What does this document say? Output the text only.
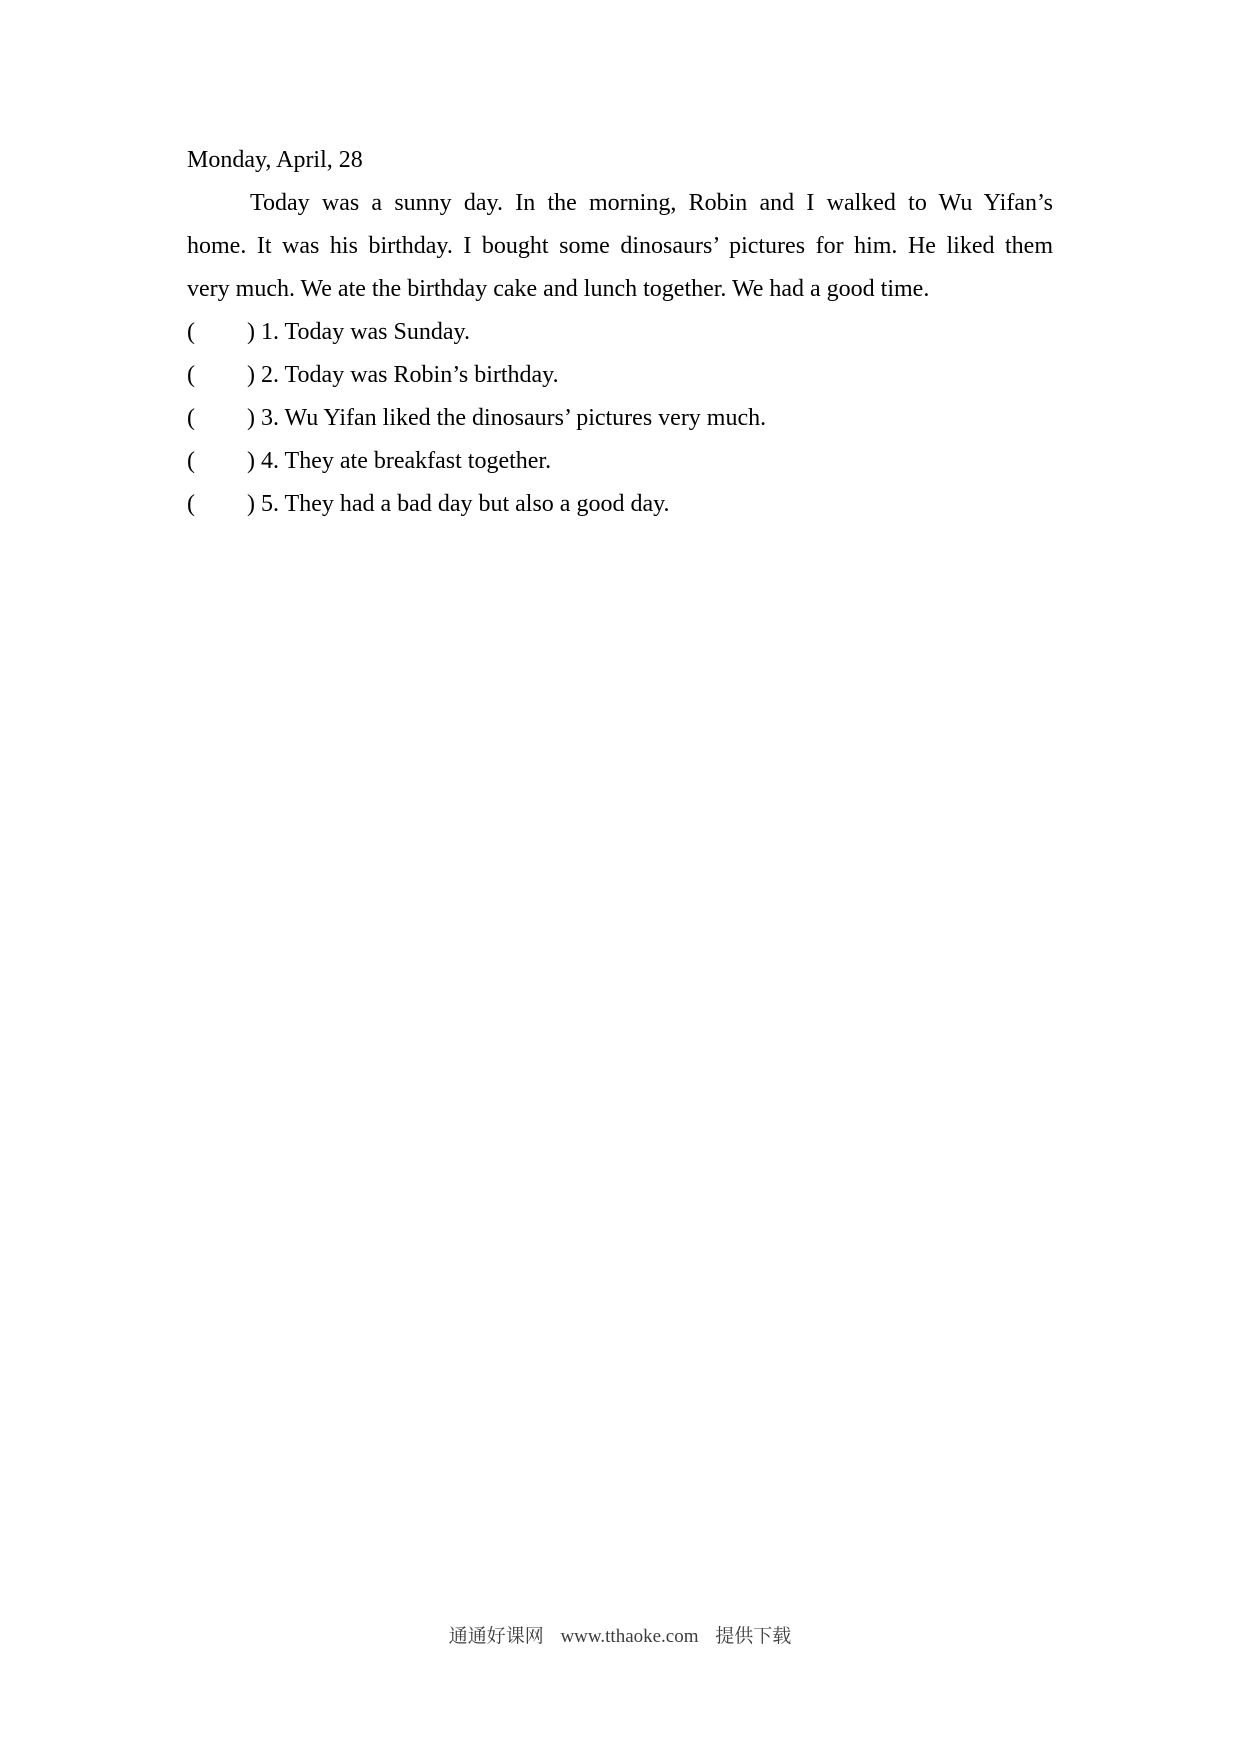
Monday, April, 28
Today was a sunny day. In the morning, Robin and I walked to Wu Yifan’s
home. It was his birthday. I bought some dinosaurs’ pictures for him. He liked them
very much. We ate the birthday cake and lunch together. We had a good time.
( ) 1. Today was Sunday.
( ) 2. Today was Robin’s birthday.
( ) 3. Wu Yifan liked the dinosaurs’ pictures very much.
( ) 4. They ate breakfast together.
( ) 5. They had a bad day but also a good day.
通通好课网 www.tthaoke.com 提供下载
